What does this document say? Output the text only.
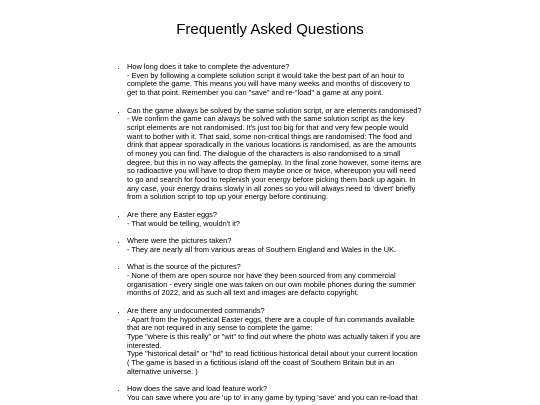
Frequently Asked Questions
• How long does it take to complete the adventure?
- Even by following a complete solution script it would take the best part of an hour to
complete the game. This means you will have many weeks and months of discovery to
get to that point. Remember you can "save" and re-"load" a game at any point.
• Can the game always be solved by the same solution script, or are elements randomised?
- We confirm the game can always be solved with the same solution script as the key
script elements are not randomised. It's just too big for that and very few people would
want to bother with it. That said, some non-critical things are randomised: The food and
drink that appear sporadically in the various locations is randomised, as are the amounts
of money you can find. The dialogue of the characters is also randomised to a small
degree, but this in no way affects the gameplay. In the final zone however, some items are
so radioactive you will have to drop them maybe once or twice, whereupon you will need
to go and search for food to replenish your energy before picking them back up again. In
any case, your energy drains slowly in all zones so you will always need to 'divert' briefly
from a solution script to top up your energy before continuing.
• Are there any Easter eggs?
- That would be telling, wouldn't it?
• Where were the pictures taken?
- They are nearly all from various areas of Southern England and Wales in the UK.
• What is the source of the pictures?
- None of them are open source nor have they been sourced from any commercial
organisation - every single one was taken on our own mobile phones during the summer
months of 2022, and as such all text and images are defacto copyright.
• Are there any undocumented commands?
- Apart from the hypothetical Easter eggs, there are a couple of fun commands available
that are not required in any sense to complete the game:
Type "where is this really" or "wit" to find out where the photo was actually taken if you are
interested.
Type "historical detail" or "hd" to read fictitious historical detail about your current location
( The game is based in a fictitious island off the coast of Southern Britain but in an
alternative universe. )
• How does the save and load feature work?
You can save where you are 'up to' in any game by typing 'save' and you can re-load that
